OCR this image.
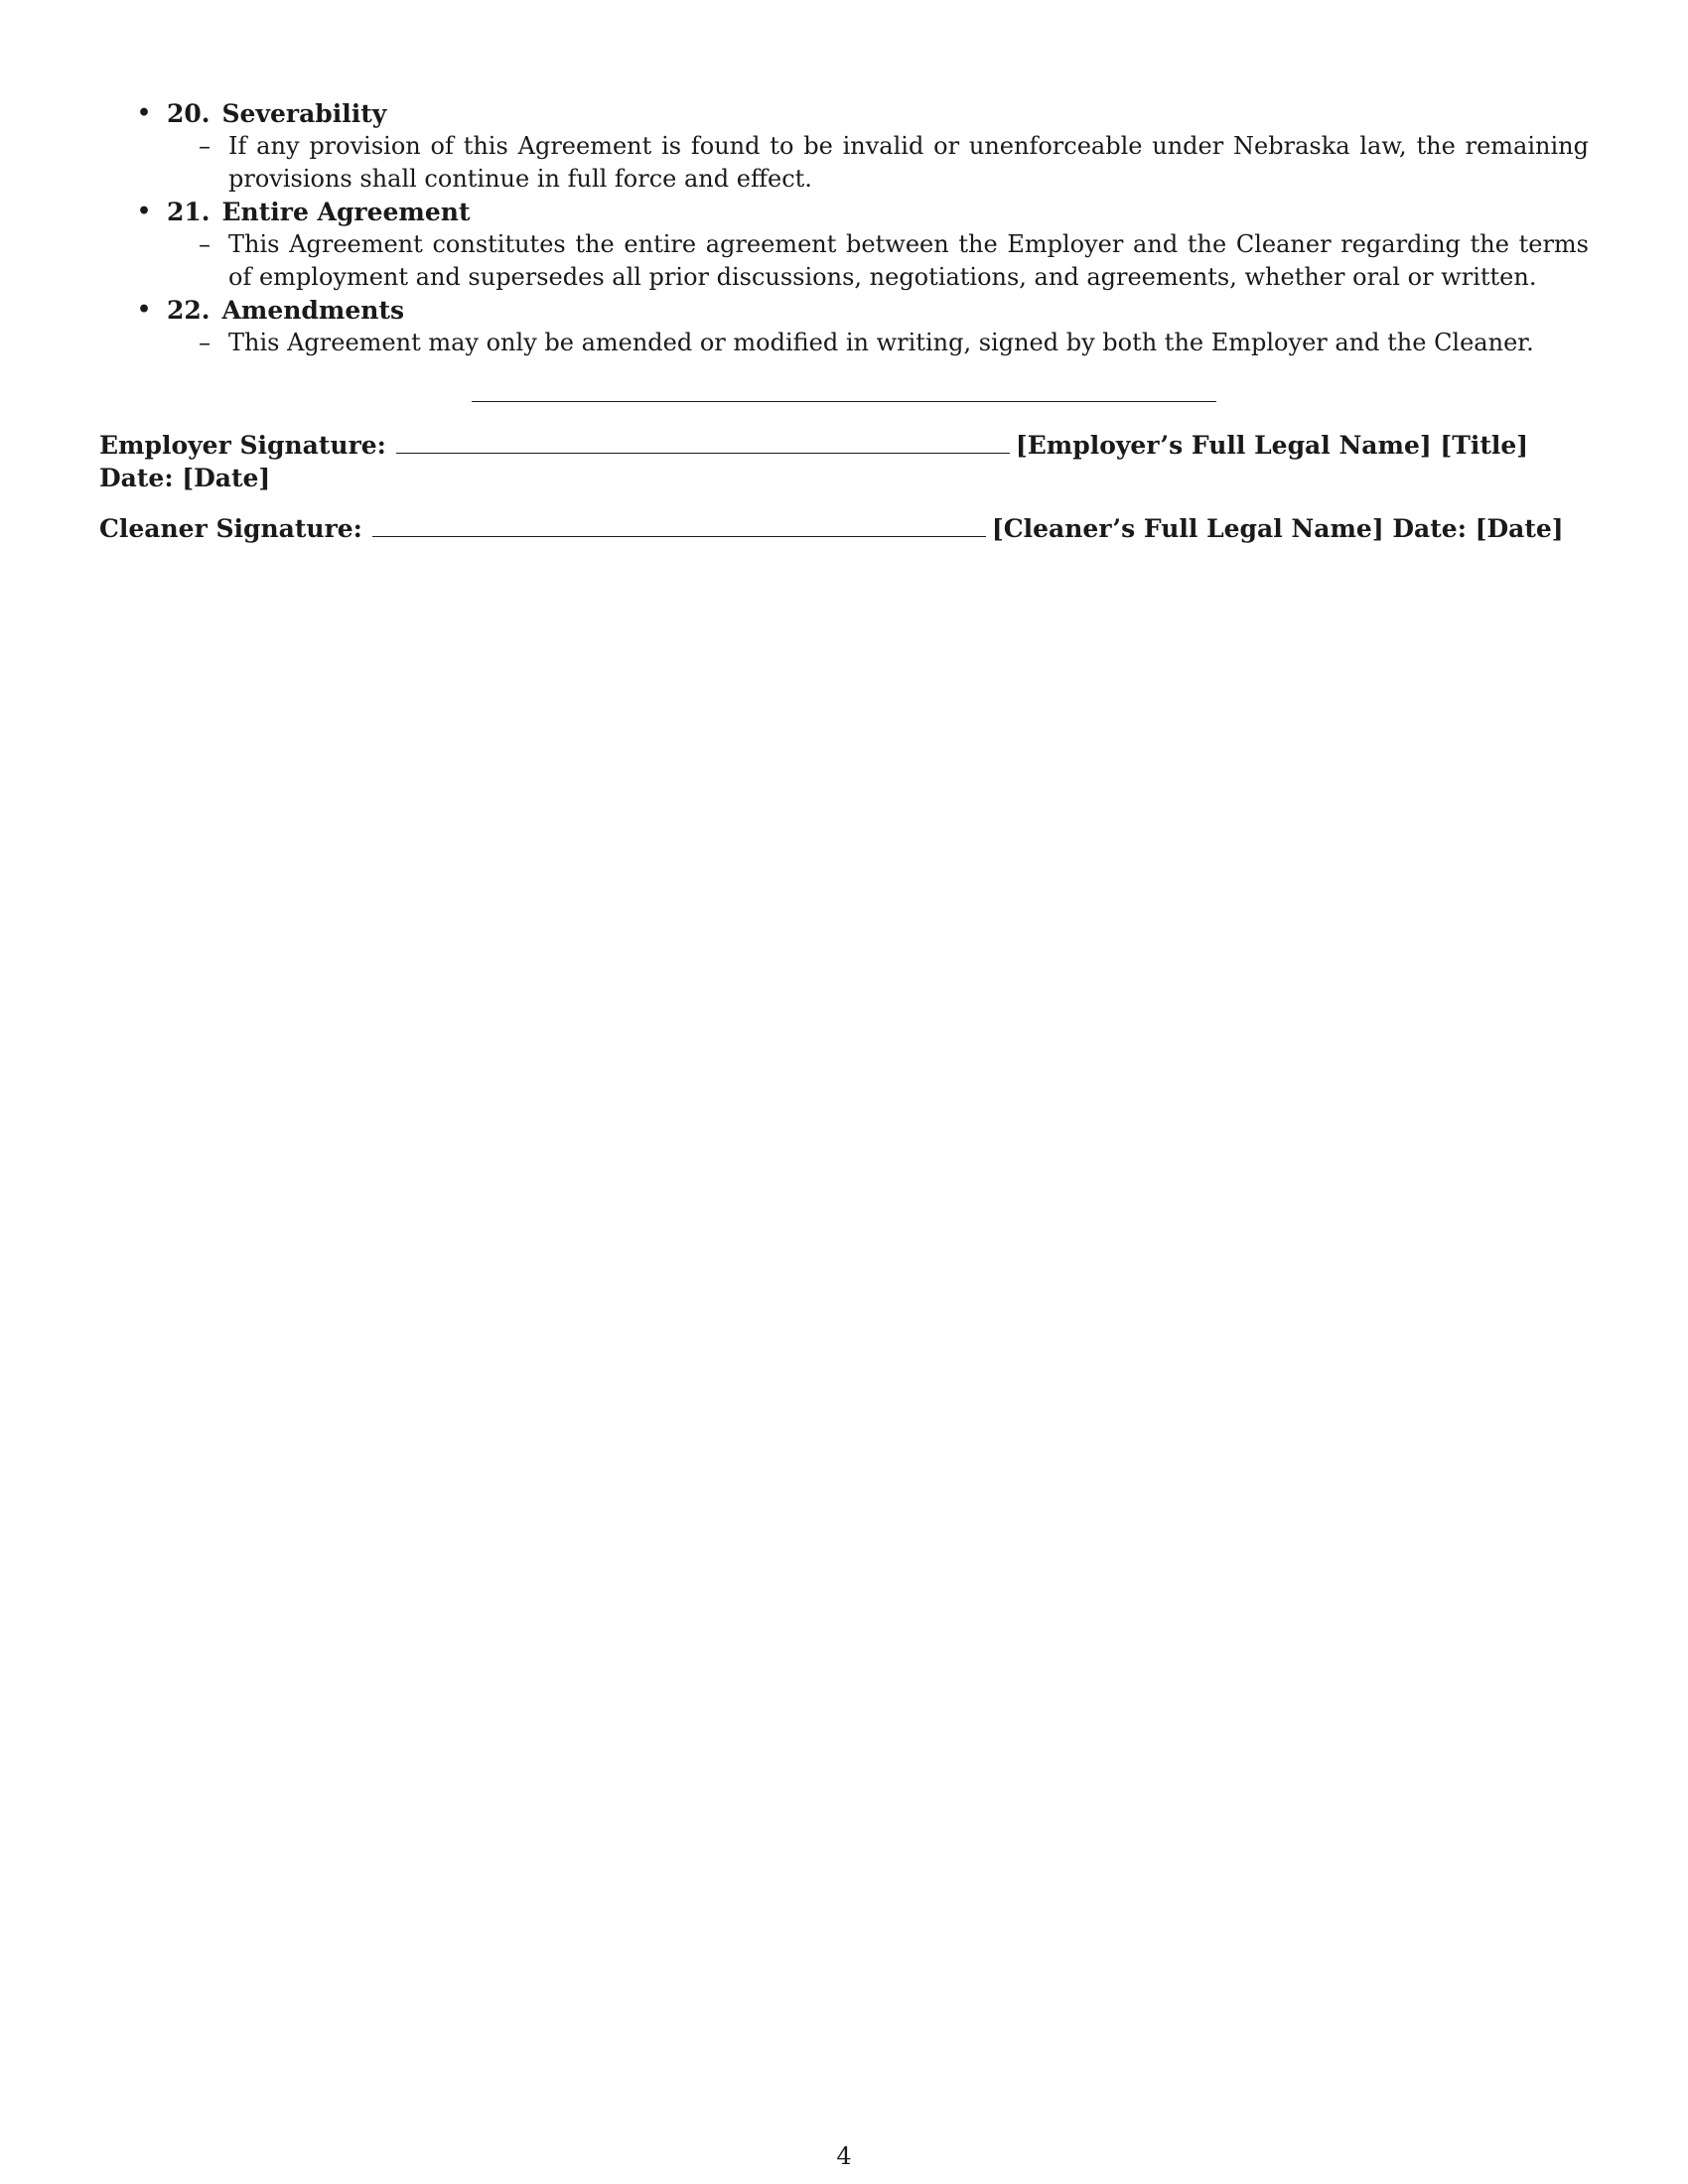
• 20. Severability
– If any provision of this Agreement is found to be invalid or unenforceable under Nebraska law, the remaining provisions shall continue in full force and effect.
• 21. Entire Agreement
– This Agreement constitutes the entire agreement between the Employer and the Cleaner regarding the terms of employment and supersedes all prior discussions, negotiations, and agreements, whether oral or written.
• 22. Amendments
– This Agreement may only be amended or modified in writing, signed by both the Employer and the Cleaner.
Employer Signature:	[Employer’s Full Legal Name] [Title] Date: [Date]
Cleaner Signature:	[Cleaner’s Full Legal Name] Date: [Date]
4
